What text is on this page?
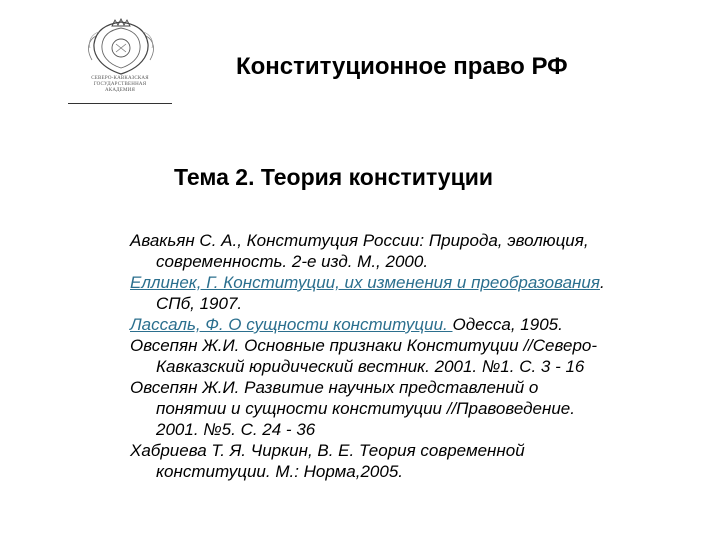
СЕВЕРО-КАВКАЗСКАЯ
ГОСУДАРСТВЕННАЯ
АКАДЕМИЯ
Конституционное право РФ
Тема 2. Теория конституции

Авакьян С. А., Конституция России: Природа, эволюция, современность. 2-е изд. М., 2000.

Еллинек, Г. Конституции, их изменения и преобразования. СПб, 1907.

Лассаль, Ф. О сущности конституции. Одесса, 1905.

Овсепян Ж.И. Основные признаки Конституции //Северо-Кавказский юридический вестник. 2001. №1. С. 3 - 16

Овсепян Ж.И. Развитие научных представлений о понятии и сущности конституции //Правоведение. 2001. №5. С. 24 - 36

Хабриева Т. Я. Чиркин, В. Е. Теория современной конституции. М.: Норма,2005.
